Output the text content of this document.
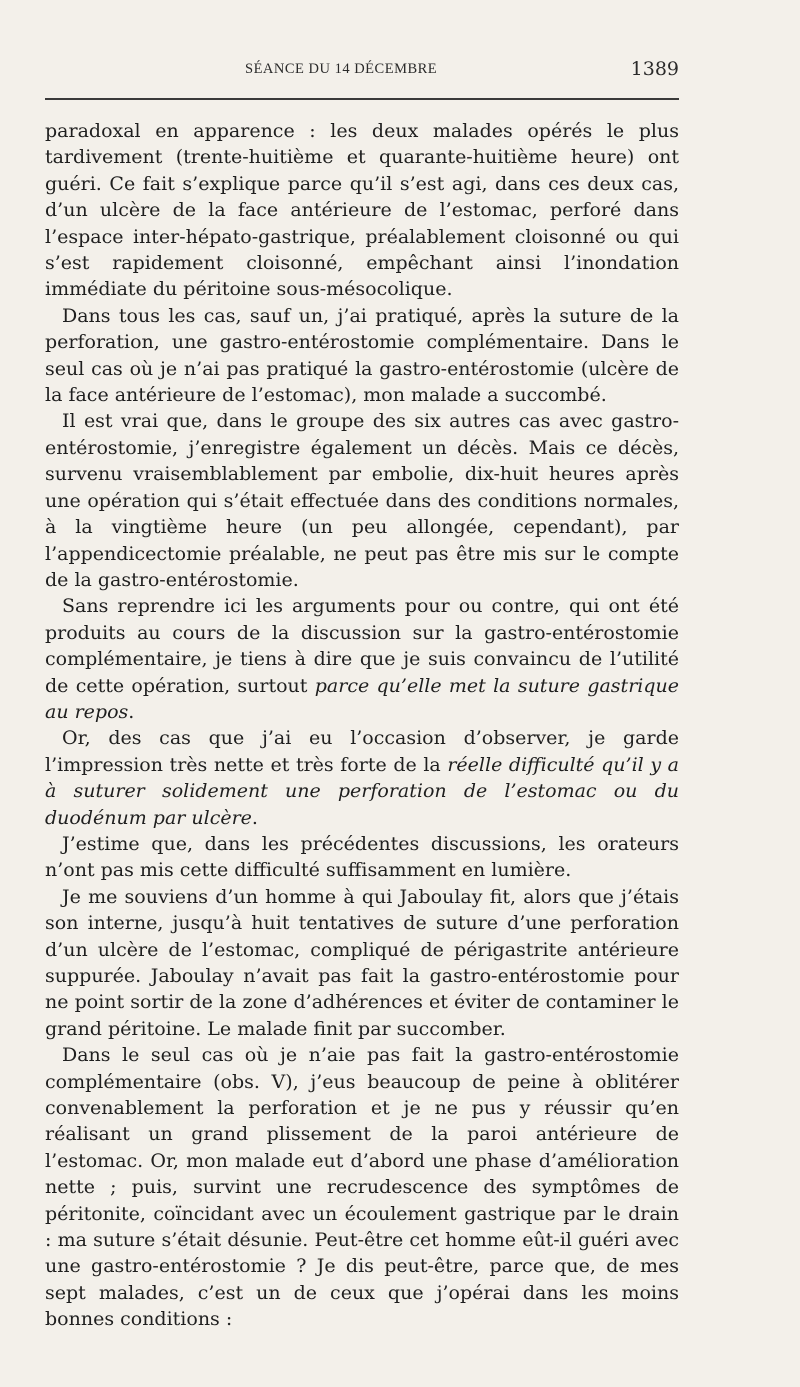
SÉANCE DU 14 DÉCEMBRE	1389

paradoxal en apparence : les deux malades opérés le plus tardivement (trente-huitième et quarante-huitième heure) ont guéri. Ce fait s’explique parce qu’il s’est agi, dans ces deux cas, d’un ulcère de la face antérieure de l’estomac, perforé dans l’espace inter-hépato-gastrique, préalablement cloisonné ou qui s’est rapidement cloisonné, empêchant ainsi l’inondation immédiate du péritoine sous-mésocolique.

Dans tous les cas, sauf un, j’ai pratiqué, après la suture de la perforation, une gastro-entérostomie complémentaire. Dans le seul cas où je n’ai pas pratiqué la gastro-entérostomie (ulcère de la face antérieure de l’estomac), mon malade a succombé.

Il est vrai que, dans le groupe des six autres cas avec gastro-entérostomie, j’enregistre également un décès. Mais ce décès, survenu vraisemblablement par embolie, dix-huit heures après une opération qui s’était effectuée dans des conditions normales, à la vingtième heure (un peu allongée, cependant), par l’appendicectomie préalable, ne peut pas être mis sur le compte de la gastro-entérostomie.

Sans reprendre ici les arguments pour ou contre, qui ont été produits au cours de la discussion sur la gastro-entérostomie complémentaire, je tiens à dire que je suis convaincu de l’utilité de cette opération, surtout parce qu’elle met la suture gastrique au repos.

Or, des cas que j’ai eu l’occasion d’observer, je garde l’impression très nette et très forte de la réelle difficulté qu’il y a à suturer solidement une perforation de l’estomac ou du duodénum par ulcère.

J’estime que, dans les précédentes discussions, les orateurs n’ont pas mis cette difficulté suffisamment en lumière.

Je me souviens d’un homme à qui Jaboulay fit, alors que j’étais son interne, jusqu’à huit tentatives de suture d’une perforation d’un ulcère de l’estomac, compliqué de périgastrite antérieure suppurée. Jaboulay n’avait pas fait la gastro-entérostomie pour ne point sortir de la zone d’adhérences et éviter de contaminer le grand péritoine. Le malade finit par succomber.

Dans le seul cas où je n’aie pas fait la gastro-entérostomie complémentaire (obs. V), j’eus beaucoup de peine à oblitérer convenablement la perforation et je ne pus y réussir qu’en réalisant un grand plissement de la paroi antérieure de l’estomac. Or, mon malade eut d’abord une phase d’amélioration nette ; puis, survint une recrudescence des symptômes de péritonite, coïncidant avec un écoulement gastrique par le drain : ma suture s’était désunie. Peut-être cet homme eût-il guéri avec une gastro-entérostomie ? Je dis peut-être, parce que, de mes sept malades, c’est un de ceux que j’opérai dans les moins bonnes conditions :
